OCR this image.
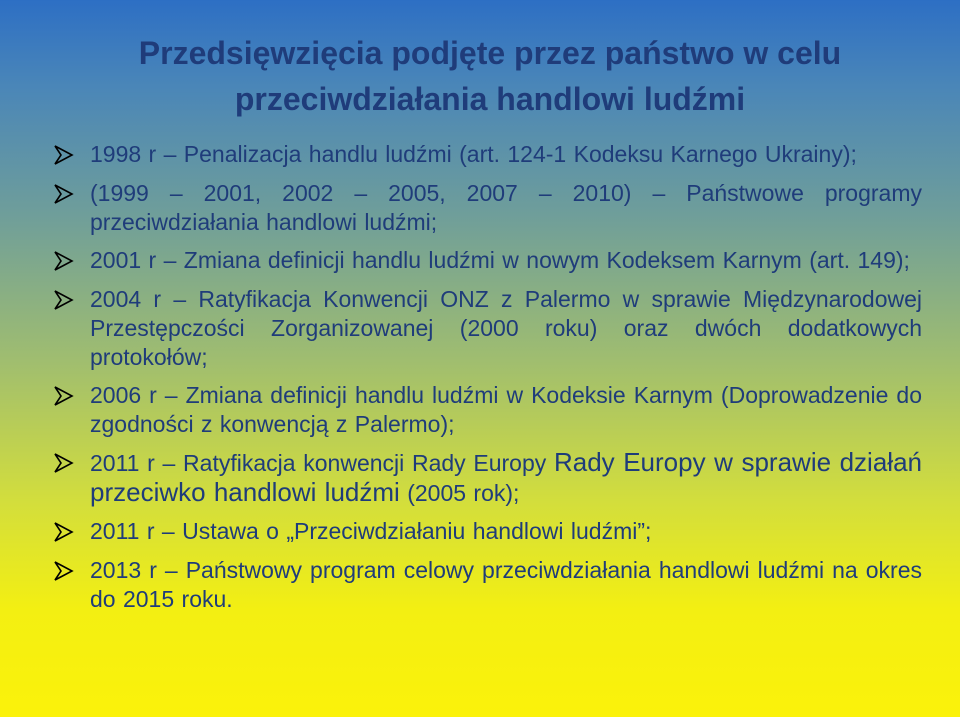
Przedsięwzięcia podjęte przez państwo w celu
przeciwdziałania handlowi ludźmi
1998 r – Penalizacja handlu ludźmi (art. 124-1 Kodeksu Karnego Ukrainy);
(1999 – 2001, 2002 – 2005, 2007 – 2010) – Państwowe programy przeciwdziałania handlowi ludźmi;
2001 r – Zmiana definicji handlu ludźmi w nowym Kodeksem Karnym (art. 149);
2004 r – Ratyfikacja Konwencji ONZ z Palermo w sprawie Międzynarodowej Przestępczości Zorganizowanej (2000 roku) oraz dwóch dodatkowych protokołów;
2006 r – Zmiana definicji handlu ludźmi w Kodeksie Karnym (Doprowadzenie do zgodności z konwencją z Palermo);
2011 r – Ratyfikacja konwencji Rady Europy Rady Europy w sprawie działań przeciwko handlowi ludźmi (2005 rok);
2011 r – Ustawa o „Przeciwdziałaniu handlowi ludźmi”;
2013 r – Państwowy program celowy przeciwdziałania handlowi ludźmi na okres do 2015 roku.
